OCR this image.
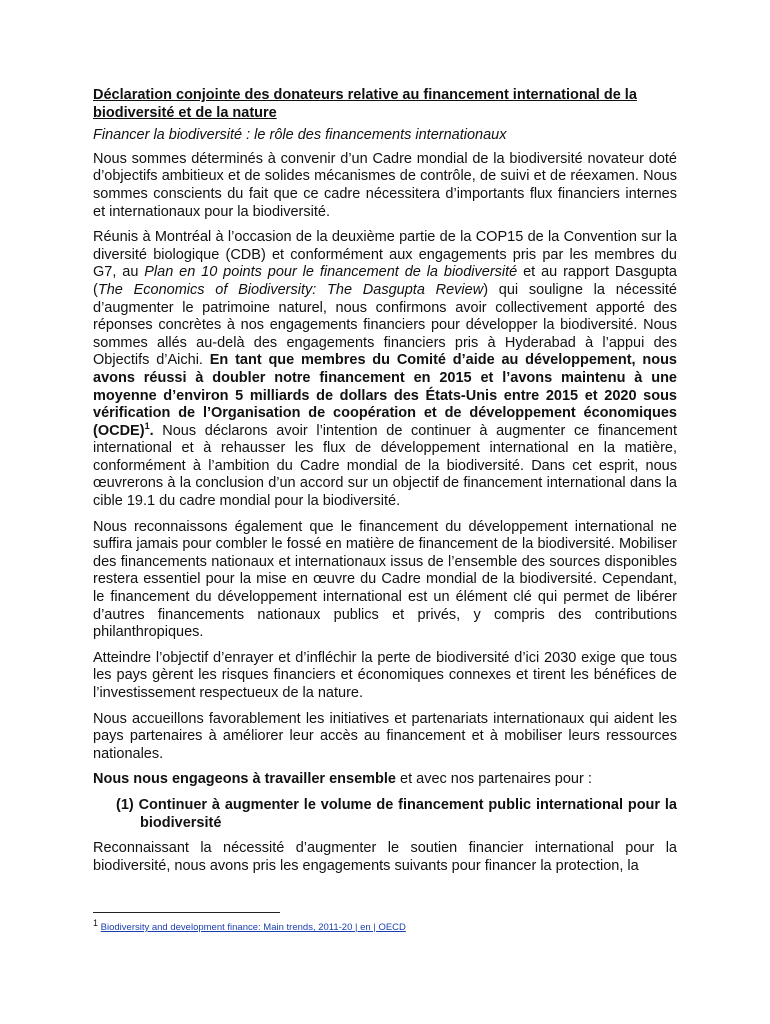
Déclaration conjointe des donateurs relative au financement international de la biodiversité et de la nature
Financer la biodiversité : le rôle des financements internationaux

Nous sommes déterminés à convenir d’un Cadre mondial de la biodiversité novateur doté d’objectifs ambitieux et de solides mécanismes de contrôle, de suivi et de réexamen. Nous sommes conscients du fait que ce cadre nécessitera d’importants flux financiers internes et internationaux pour la biodiversité.

Réunis à Montréal à l’occasion de la deuxième partie de la COP15 de la Convention sur la diversité biologique (CDB) et conformément aux engagements pris par les membres du G7, au Plan en 10 points pour le financement de la biodiversité et au rapport Dasgupta (The Economics of Biodiversity: The Dasgupta Review) qui souligne la nécessité d’augmenter le patrimoine naturel, nous confirmons avoir collectivement apporté des réponses concrètes à nos engagements financiers pour développer la biodiversité. Nous sommes allés au-delà des engagements financiers pris à Hyderabad à l’appui des Objectifs d’Aichi. En tant que membres du Comité d’aide au développement, nous avons réussi à doubler notre financement en 2015 et l’avons maintenu à une moyenne d’environ 5 milliards de dollars des États-Unis entre 2015 et 2020 sous vérification de l’Organisation de coopération et de développement économiques (OCDE)$^1$. Nous déclarons avoir l’intention de continuer à augmenter ce financement international et à rehausser les flux de développement international en la matière, conformément à l’ambition du Cadre mondial de la biodiversité. Dans cet esprit, nous œuvrerons à la conclusion d’un accord sur un objectif de financement international dans la cible 19.1 du cadre mondial pour la biodiversité.

Nous reconnaissons également que le financement du développement international ne suffira jamais pour combler le fossé en matière de financement de la biodiversité. Mobiliser des financements nationaux et internationaux issus de l’ensemble des sources disponibles restera essentiel pour la mise en œuvre du Cadre mondial de la biodiversité. Cependant, le financement du développement international est un élément clé qui permet de libérer d’autres financements nationaux publics et privés, y compris des contributions philanthropiques.

Atteindre l’objectif d’enrayer et d’infléchir la perte de biodiversité d’ici 2030 exige que tous les pays gèrent les risques financiers et économiques connexes et tirent les bénéfices de l’investissement respectueux de la nature.

Nous accueillons favorablement les initiatives et partenariats internationaux qui aident les pays partenaires à améliorer leur accès au financement et à mobiliser leurs ressources nationales.

Nous nous engageons à travailler ensemble et avec nos partenaires pour :

(1) Continuer à augmenter le volume de financement public international pour la biodiversité

Reconnaissant la nécessité d’augmenter le soutien financier international pour la biodiversité, nous avons pris les engagements suivants pour financer la protection, la

$^1$ Biodiversity and development finance: Main trends, 2011-20 | en | OECD
